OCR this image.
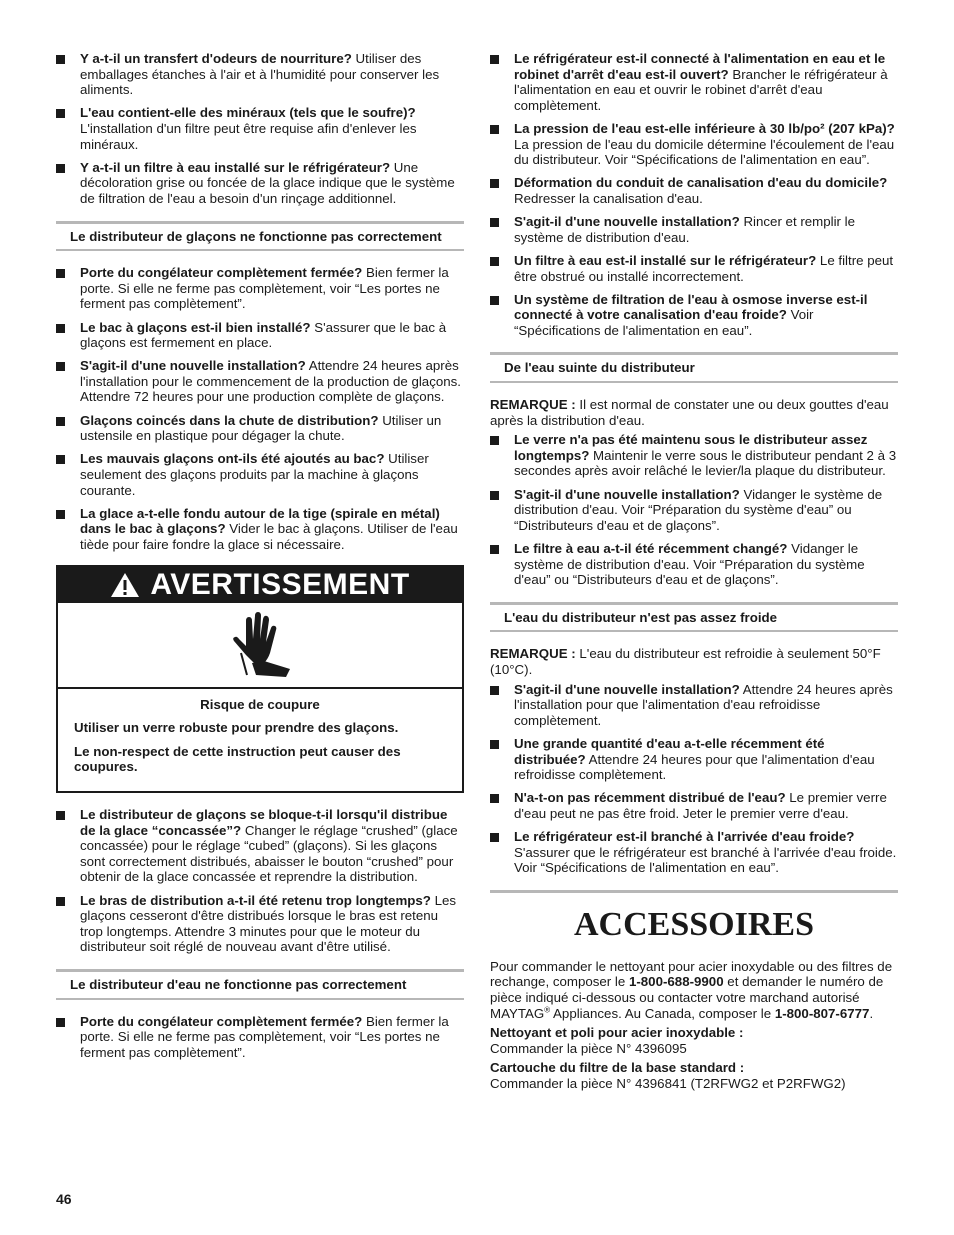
Y a-t-il un transfert d'odeurs de nourriture? Utiliser des emballages étanches à l'air et à l'humidité pour conserver les aliments.
L'eau contient-elle des minéraux (tels que le soufre)? L'installation d'un filtre peut être requise afin d'enlever les minéraux.
Y a-t-il un filtre à eau installé sur le réfrigérateur? Une décoloration grise ou foncée de la glace indique que le système de filtration de l'eau a besoin d'un rinçage additionnel.
Le distributeur de glaçons ne fonctionne pas correctement
Porte du congélateur complètement fermée? Bien fermer la porte. Si elle ne ferme pas complètement, voir “Les portes ne ferment pas complètement”.
Le bac à glaçons est-il bien installé? S'assurer que le bac à glaçons est fermement en place.
S'agit-il d'une nouvelle installation? Attendre 24 heures après l'installation pour le commencement de la production de glaçons. Attendre 72 heures pour une production complète de glaçons.
Glaçons coincés dans la chute de distribution? Utiliser un ustensile en plastique pour dégager la chute.
Les mauvais glaçons ont-ils été ajoutés au bac? Utiliser seulement des glaçons produits par la machine à glaçons courante.
La glace a-t-elle fondu autour de la tige (spirale en métal) dans le bac à glaçons? Vider le bac à glaçons. Utiliser de l'eau tiède pour faire fondre la glace si nécessaire.
AVERTISSEMENT

Risque de coupure

Utiliser un verre robuste pour prendre des glaçons.

Le non-respect de cette instruction peut causer des coupures.

Le distributeur de glaçons se bloque-t-il lorsqu'il distribue de la glace “concassée”? Changer le réglage “crushed” (glace concassée) pour le réglage “cubed” (glaçons). Si les glaçons sont correctement distribués, abaisser le bouton “crushed” pour obtenir de la glace concassée et reprendre la distribution.
Le bras de distribution a-t-il été retenu trop longtemps? Les glaçons cesseront d'être distribués lorsque le bras est retenu trop longtemps. Attendre 3 minutes pour que le moteur du distributeur soit réglé de nouveau avant d'être utilisé.
Le distributeur d'eau ne fonctionne pas correctement
Porte du congélateur complètement fermée? Bien fermer la porte. Si elle ne ferme pas complètement, voir “Les portes ne ferment pas complètement”.
Le réfrigérateur est-il connecté à l'alimentation en eau et le robinet d'arrêt d'eau est-il ouvert? Brancher le réfrigérateur à l'alimentation en eau et ouvrir le robinet d'arrêt d'eau complètement.
La pression de l'eau est-elle inférieure à 30 lb/po² (207 kPa)? La pression de l'eau du domicile détermine l'écoulement de l'eau du distributeur. Voir “Spécifications de l'alimentation en eau”.
Déformation du conduit de canalisation d'eau du domicile? Redresser la canalisation d'eau.
S'agit-il d'une nouvelle installation? Rincer et remplir le système de distribution d'eau.
Un filtre à eau est-il installé sur le réfrigérateur? Le filtre peut être obstrué ou installé incorrectement.
Un système de filtration de l'eau à osmose inverse est-il connecté à votre canalisation d'eau froide? Voir “Spécifications de l'alimentation en eau”.
De l'eau suinte du distributeur

REMARQUE : Il est normal de constater une ou deux gouttes d'eau après la distribution d'eau.

Le verre n'a pas été maintenu sous le distributeur assez longtemps? Maintenir le verre sous le distributeur pendant 2 à 3 secondes après avoir relâché le levier/la plaque du distributeur.
S'agit-il d'une nouvelle installation? Vidanger le système de distribution d'eau. Voir “Préparation du système d'eau” ou “Distributeurs d'eau et de glaçons”.
Le filtre à eau a-t-il été récemment changé? Vidanger le système de distribution d'eau. Voir “Préparation du système d'eau” ou “Distributeurs d'eau et de glaçons”.
L'eau du distributeur n'est pas assez froide

REMARQUE : L'eau du distributeur est refroidie à seulement 50°F (10°C).

S'agit-il d'une nouvelle installation? Attendre 24 heures après l'installation pour que l'alimentation d'eau refroidisse complètement.
Une grande quantité d'eau a-t-elle récemment été distribuée? Attendre 24 heures pour que l'alimentation d'eau refroidisse complètement.
N'a-t-on pas récemment distribué de l'eau? Le premier verre d'eau peut ne pas être froid. Jeter le premier verre d'eau.
Le réfrigérateur est-il branché à l'arrivée d'eau froide? S'assurer que le réfrigérateur est branché à l'arrivée d'eau froide. Voir “Spécifications de l'alimentation en eau”.
ACCESSOIRES

Pour commander le nettoyant pour acier inoxydable ou des filtres de rechange, composer le 1-800-688-9900 et demander le numéro de pièce indiqué ci-dessous ou contacter votre marchand autorisé MAYTAG® Appliances. Au Canada, composer le 1-800-807-6777.

Nettoyant et poli pour acier inoxydable :
Commander la pièce N° 4396095

Cartouche du filtre de la base standard :
Commander la pièce N° 4396841 (T2RFWG2 et P2RFWG2)

46
